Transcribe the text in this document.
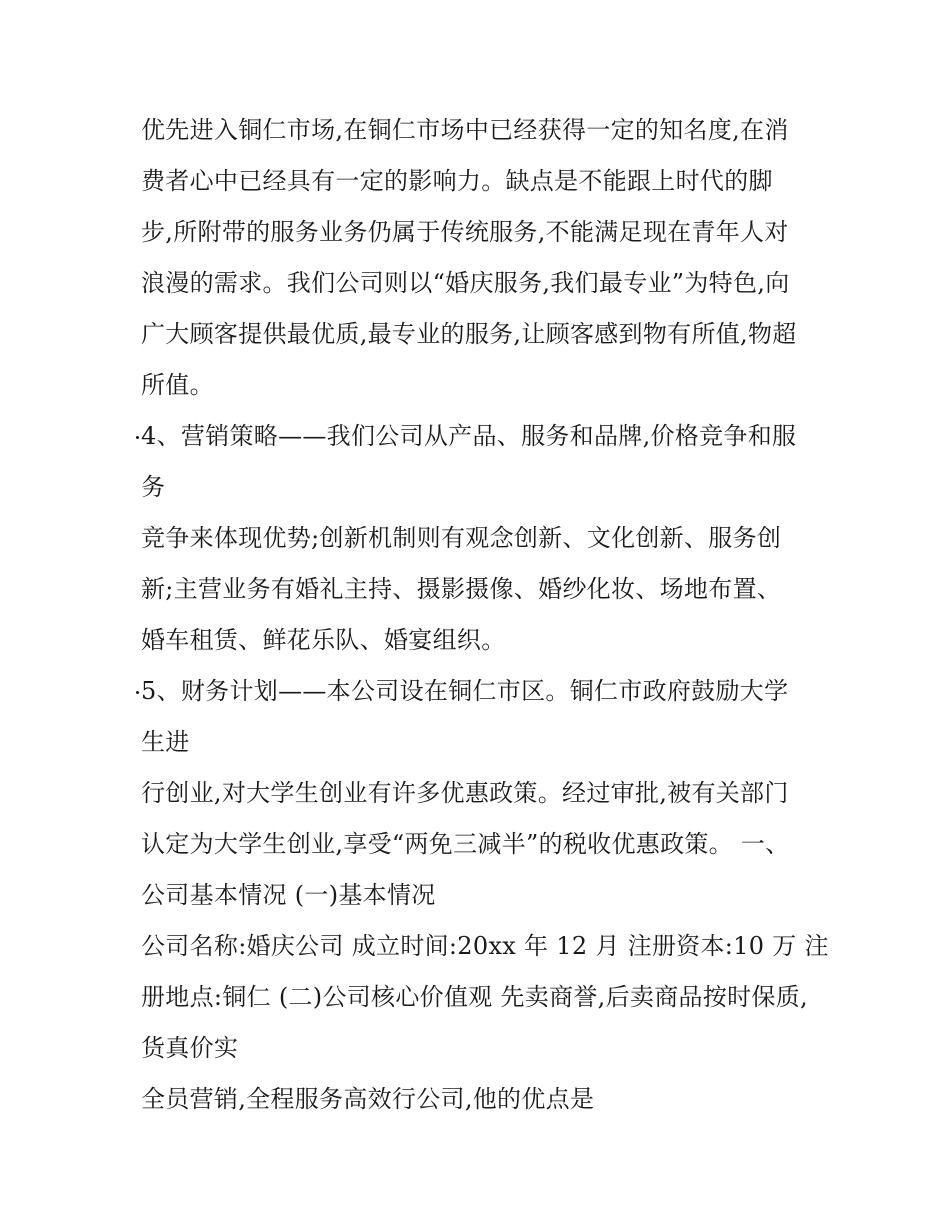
优先进入铜仁市场,在铜仁市场中已经获得一定的知名度,在消
费者心中已经具有一定的影响力。缺点是不能跟上时代的脚
步,所附带的服务业务仍属于传统服务,不能满足现在青年人对
浪漫的需求。我们公司则以“婚庆服务,我们最专业”为特色,向
广大顾客提供最优质,最专业的服务,让顾客感到物有所值,物超
所值。
4、营销策略——我们公司从产品、服务和品牌,价格竞争和服
务
竞争来体现优势;创新机制则有观念创新、文化创新、服务创
新;主营业务有婚礼主持、摄影摄像、婚纱化妆、场地布置、
婚车租赁、鲜花乐队、婚宴组织。
5、财务计划——本公司设在铜仁市区。铜仁市政府鼓励大学
生进
行创业,对大学生创业有许多优惠政策。经过审批,被有关部门
认定为大学生创业,享受“两免三减半”的税收优惠政策。 一、
公司基本情况 (一)基本情况
公司名称:婚庆公司 成立时间:20xx 年 12 月 注册资本:10 万 注
册地点:铜仁 (二)公司核心价值观 先卖商誉,后卖商品按时保质,
货真价实
全员营销,全程服务高效行公司,他的优点是
